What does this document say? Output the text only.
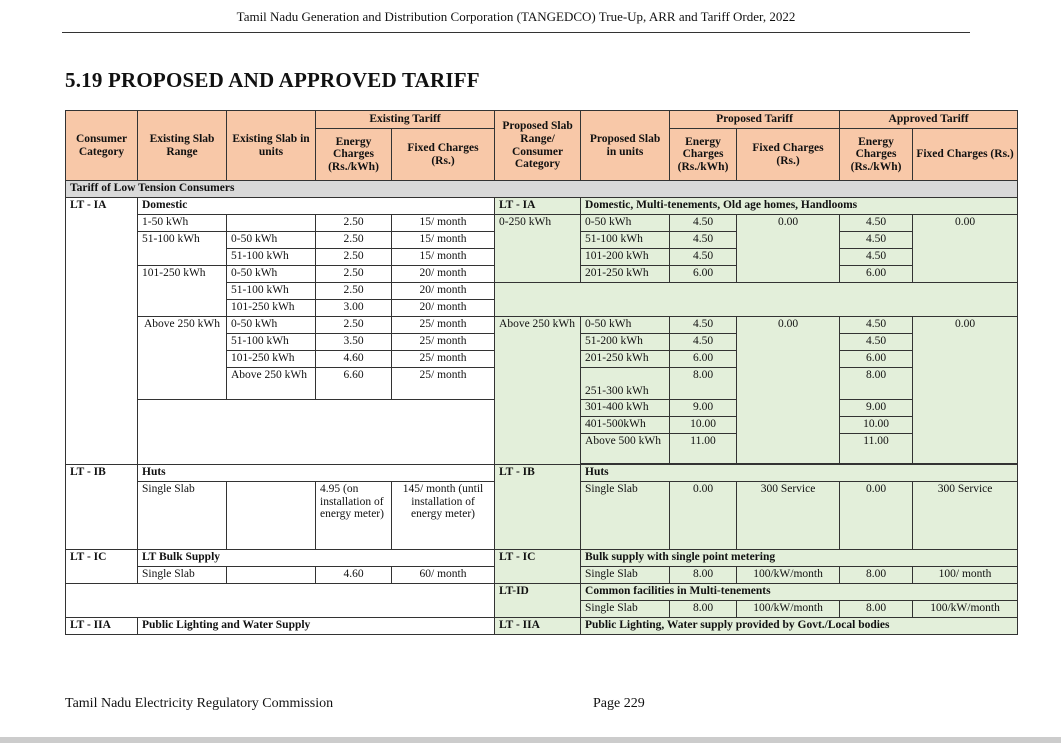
Tamil Nadu Generation and Distribution Corporation (TANGEDCO) True-Up, ARR and Tariff Order, 2022
5.19 PROPOSED AND APPROVED TARIFF
Consumer Category	Existing Slab Range	Existing Slab in units	Existing Tariff		Proposed Slab Range/ Consumer Category	Proposed Slab in units	Proposed Tariff		Approved Tariff	
			Energy Charges (Rs./kWh)	Fixed Charges (Rs.)			Energy Charges (Rs./kWh)	Fixed Charges (Rs.)	Energy Charges (Rs./kWh)	Fixed Charges (Rs.)
Tariff of Low Tension Consumers										
LT - IA	Domestic				LT - IA	Domestic, Multi-tenements, Old age homes, Handlooms				
	1-50 kWh		2.50	15/ month	0-250 kWh	0-50 kWh	4.50	0.00	4.50	0.00
	51-100 kWh	0-50 kWh	2.50	15/ month		51-100 kWh	4.50		4.50	
		51-100 kWh	2.50	15/ month		101-200 kWh	4.50		4.50	
	101-250 kWh	0-50 kWh	2.50	20/ month		201-250 kWh	6.00		6.00	
		51-100 kWh	2.50	20/ month						
		101-250 kWh	3.00	20/ month						
	Above 250 kWh	0-50 kWh	2.50	25/ month	Above 250 kWh	0-50 kWh	4.50	0.00	4.50	0.00
		51-100 kWh	3.50	25/ month		51-200 kWh	4.50		4.50	
		101-250 kWh	4.60	25/ month		201-250 kWh	6.00		6.00	
		Above 250 kWh	6.60	25/ month		251-300 kWh	8.00		8.00	
						301-400 kWh	9.00		9.00	
						401-500kWh	10.00		10.00	
						Above 500 kWh	11.00		11.00	

LT - IB	Huts				LT - IB	Huts				
	Single Slab		4.95 (on installation of energy meter)	145/ month (until installation of energy meter)		Single Slab	0.00	300 Service	0.00	300 Service
LT - IC	LT Bulk Supply				LT - IC	Bulk supply with single point metering				
	Single Slab		4.60	60/ month		Single Slab	8.00	100/kW/month	8.00	100/ month
					LT-ID	Common facilities in Multi-tenements				
						Single Slab	8.00	100/kW/month	8.00	100/kW/month
LT - IIA	Public Lighting and Water Supply				LT - IIA	Public Lighting, Water supply provided by Govt./Local bodies				
Tamil Nadu Electricity Regulatory Commission	Page 229
